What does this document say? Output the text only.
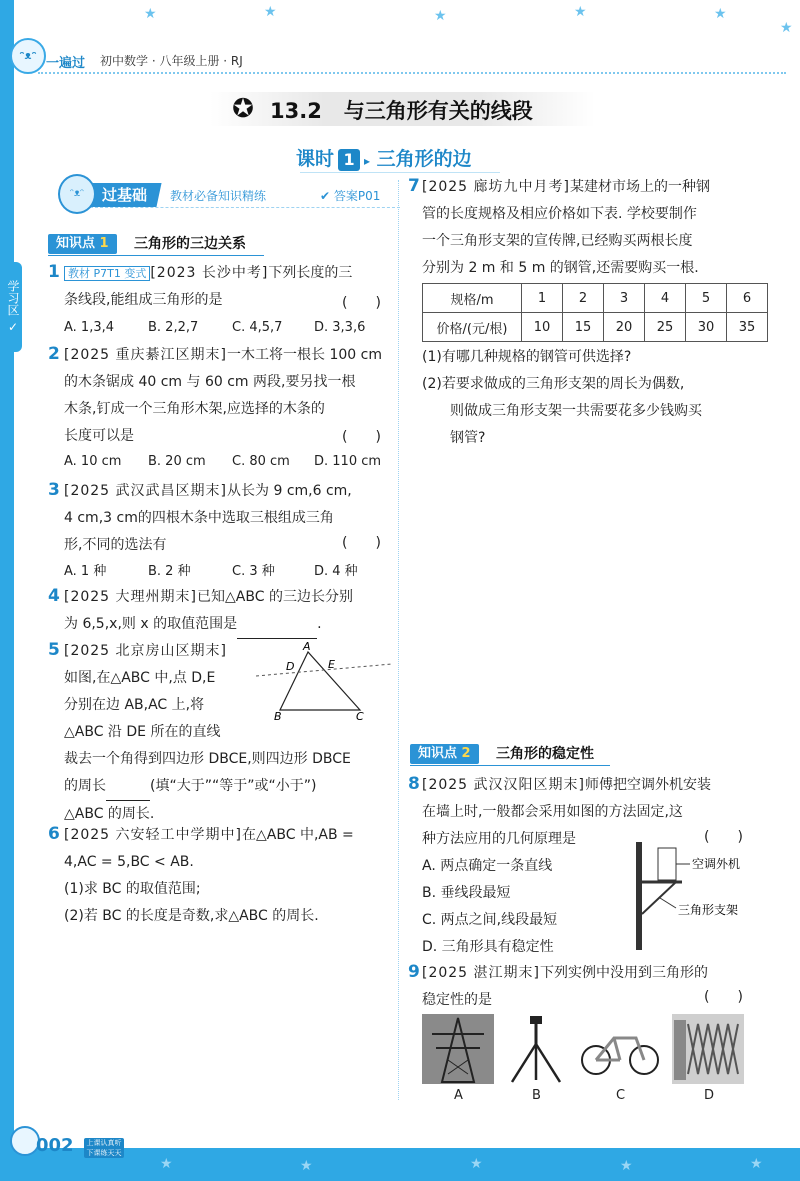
★
★
★
★
★
★
ᵔᴥᵔ
一遍过 初中数学 · 八年级上册 · RJ
✪ 13.2 与三角形有关的线段
课时 1 ▸ 三角形的边
学习区 ✓
过基础	教材必备知识精练	✔ 答案P01
ᵔᴥᵔ
知识点 1	三角形的三边关系
1 教材 P7T1 变式 [2023 长沙中考]下列长度的三
条线段,能组成三角形的是	(　　)
A. 1,3,4	B. 2,2,7	C. 4,5,7 D. 3,3,6
2 [2025 重庆綦江区期末]一木工将一根长 100 cm
的木条锯成 40 cm 与 60 cm 两段,要另找一根
木条,钉成一个三角形木架,应选择的木条的
长度可以是	(　　)
A. 10 cm B. 20 cm C. 80 cm D. 110 cm
3 [2025 武汉武昌区期末]从长为 9 cm,6 cm,
4 cm,3 cm的四根木条中选取三根组成三角
形,不同的选法有	(　　)
A. 1 种	B. 2 种	C. 3 种	D. 4 种
4 [2025 大理州期末]已知△ABC 的三边长分别
为 6,5,x,则 x 的取值范围是	.
5 [2025 北京房山区期末]
如图,在△ABC 中,点 D,E
分别在边 AB,AC 上,将
△ABC 沿 DE 所在的直线
裁去一个角得到四边形 DBCE,则四边形 DBCE
的周长	(填“大于”“等于”或“小于”)
△ABC 的周长.
A
D	E
B	C
6 [2025 六安轻工中学期中]在△ABC 中,AB =
4,AC = 5,BC < AB.
(1)求 BC 的取值范围;
(2)若 BC 的长度是奇数,求△ABC 的周长.
7 [2025 廊坊九中月考]某建材市场上的一种钢
管的长度规格及相应价格如下表. 学校要制作
一个三角形支架的宣传牌,已经购买两根长度
分别为 2 m 和 5 m 的钢管,还需要购买一根.
规格/m	1	2	3	4	5	6
价格/(元/根)	10	15	20	25	30	35
(1)有哪几种规格的钢管可供选择?
(2)若要求做成的三角形支架的周长为偶数,
则做成三角形支架一共需要花多少钱购买
钢管?
知识点 2	三角形的稳定性
8 [2025 武汉汉阳区期末]师傅把空调外机安装
在墙上时,一般都会采用如图的方法固定,这
种方法应用的几何原理是
A. 两点确定一条直线
B. 垂线段最短
C. 两点之间,线段最短
D. 三角形具有稳定性
(　　)
空调外机
三角形支架
9 [2025 湛江期末]下列实例中没用到三角形的
稳定性的是	(　　)
A	B	C	D
★	★	★	★	★
002	上课认真听 下课练天天
